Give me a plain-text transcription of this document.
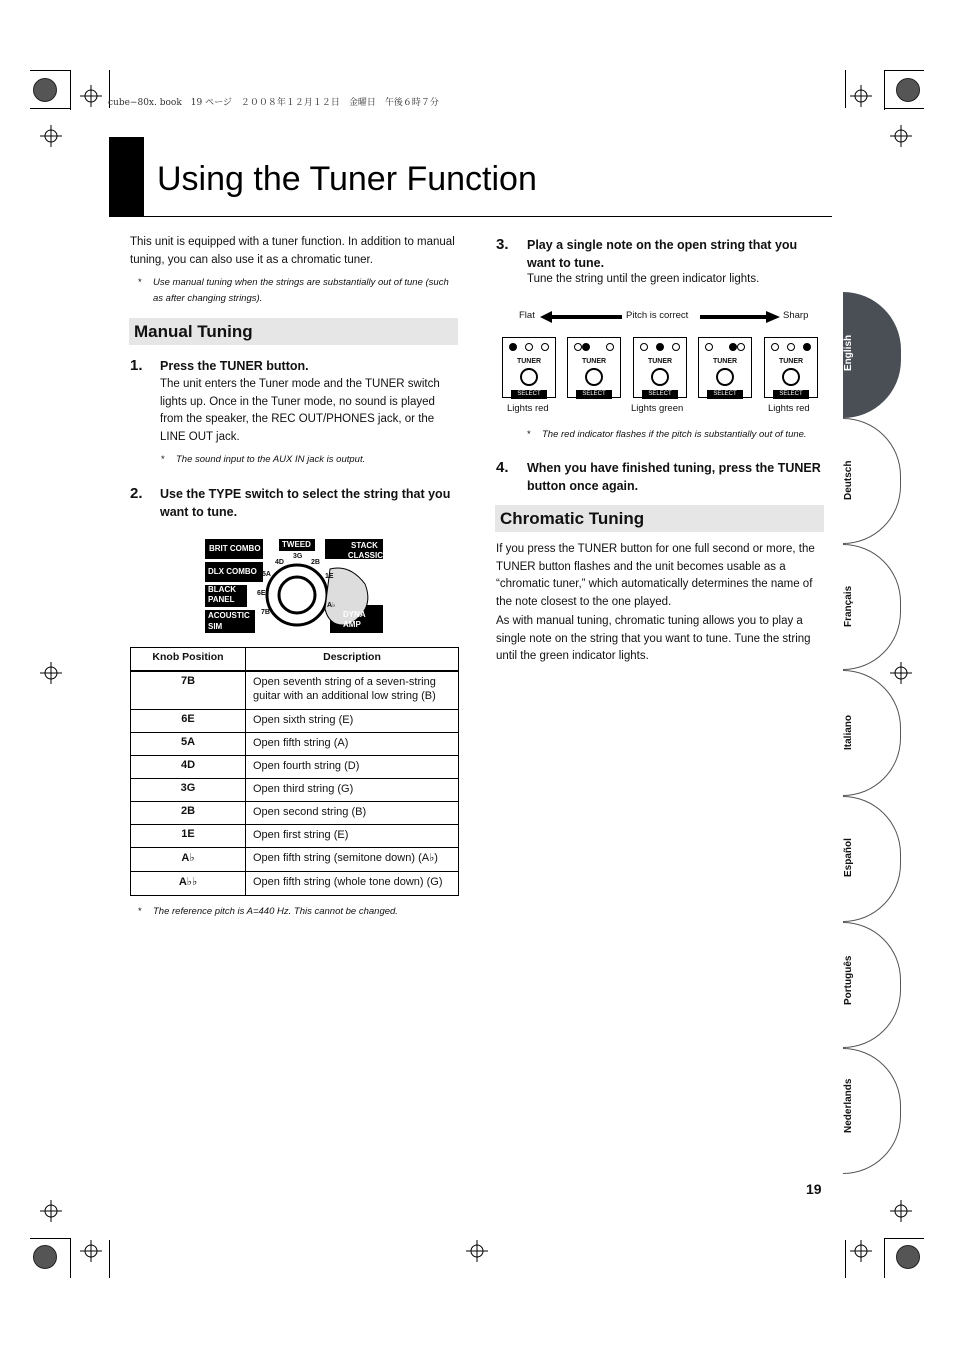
cube−80x. book　19 ページ　２００８年１２月１２日　金曜日　午後６時７分
Using the Tuner Function
This unit is equipped with a tuner function. In addition to manual tuning, you can also use it as a chromatic tuner.
* Use manual tuning when the strings are substantially out of tune (such as after changing strings).
Manual Tuning
1. Press the TUNER button.
The unit enters the Tuner mode and the TUNER switch lights up. Once in the Tuner mode, no sound is played from the speaker, the REC OUT/PHONES jack, or the LINE OUT jack.
* The sound input to the AUX IN jack is output.
2. Use the TYPE switch to select the string that you want to tune.
BRIT COMBO
DLX COMBO
BLACK PANEL
ACOUSTIC SIM
TWEED	STACK
CLASSIC
DYNA AMP
4D
3G
2B
5A
6E
7B
1E
A♭
Knob Position	Description
7B	Open seventh string of a seven-string guitar with an additional low string (B)
6E	Open sixth string (E)
5A	Open fifth string (A)
4D	Open fourth string (D)
3G	Open third string (G)
2B	Open second string (B)
1E	Open first string (E)
A♭	Open fifth string (semitone down) (A♭)
A♭♭	Open fifth string (whole tone down) (G)
* The reference pitch is A=440 Hz. This cannot be changed.
3. Play a single note on the open string that you want to tune.
Tune the string until the green indicator lights.
Flat	Pitch is correct	Sharp
TUNER
SELECT
TUNER
SELECT
TUNER
SELECT
TUNER
SELECT
TUNER
SELECT
Lights red	Lights green	Lights red
* The red indicator flashes if the pitch is substantially out of tune.
4. When you have finished tuning, press the TUNER button once again.
Chromatic Tuning
If you press the TUNER button for one full second or more, the TUNER button flashes and the unit becomes usable as a “chromatic tuner,” which automatically determines the name of the note closest to the one played.
As with manual tuning, chromatic tuning allows you to play a single note on the string that you want to tune. Tune the string until the green indicator lights.
English
Deutsch
Français
Italiano
Español
Português
Nederlands
19
